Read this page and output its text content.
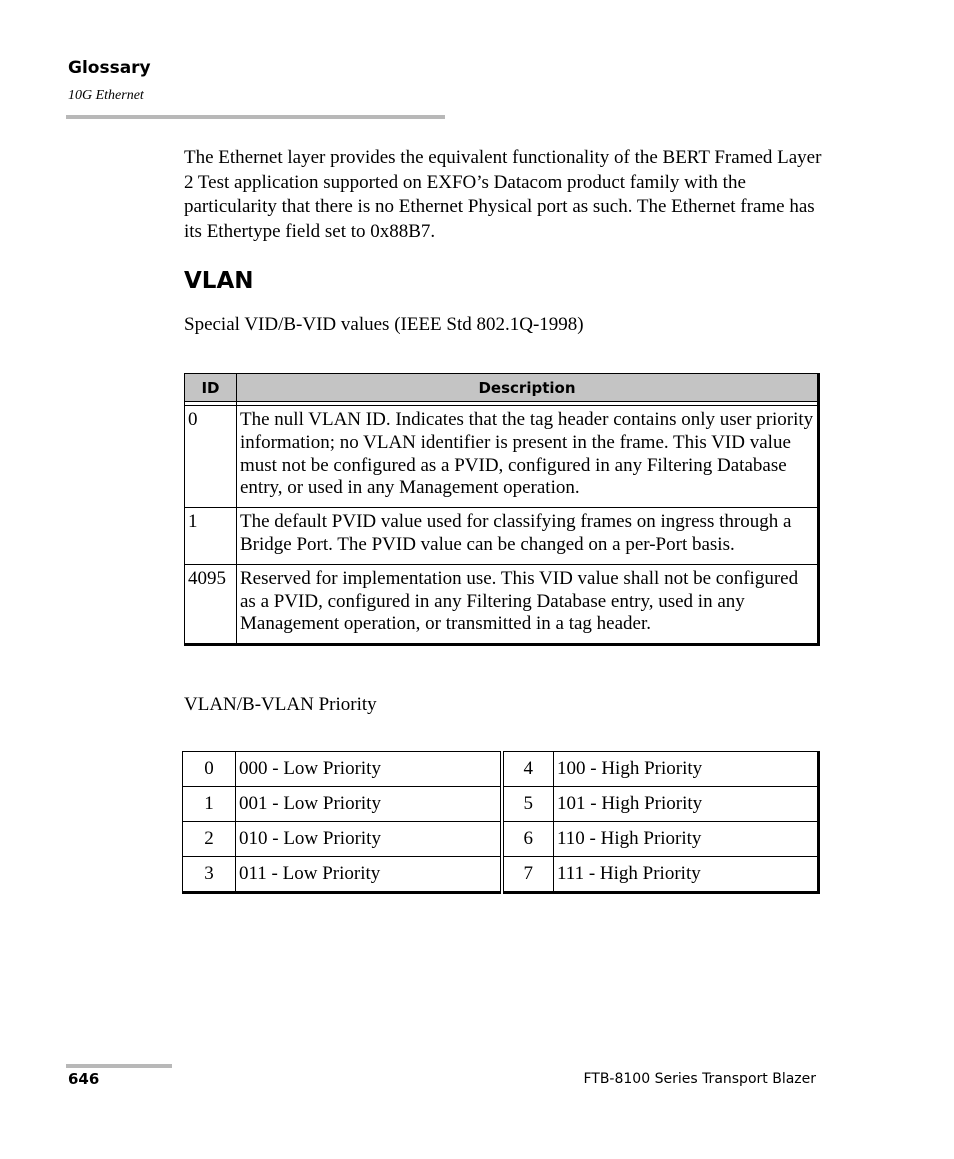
Glossary
10G Ethernet

The Ethernet layer provides the equivalent functionality of the BERT Framed Layer 2 Test application supported on EXFO’s Datacom product family with the particularity that there is no Ethernet Physical port as such. The Ethernet frame has its Ethertype field set to 0x88B7.

VLAN
Special VID/B-VID values (IEEE Std 802.1Q-1998)
ID	Description

0	The null VLAN ID. Indicates that the tag header contains only user priority information; no VLAN identifier is present in the frame. This VID value must not be configured as a PVID, configured in any Filtering Database entry, or used in any Management operation.
1	The default PVID value used for classifying frames on ingress through a Bridge Port. The PVID value can be changed on a per-Port basis.
4095	Reserved for implementation use. This VID value shall not be configured as a PVID, configured in any Filtering Database entry, used in any Management operation, or transmitted in a tag header.
VLAN/B-VLAN Priority
0	000 - Low Priority	4	100 - High Priority
1	001 - Low Priority	5	101 - High Priority
2	010 - Low Priority	6	110 - High Priority
3	011 - Low Priority	7	111 - High Priority
646	FTB-8100 Series Transport Blazer
